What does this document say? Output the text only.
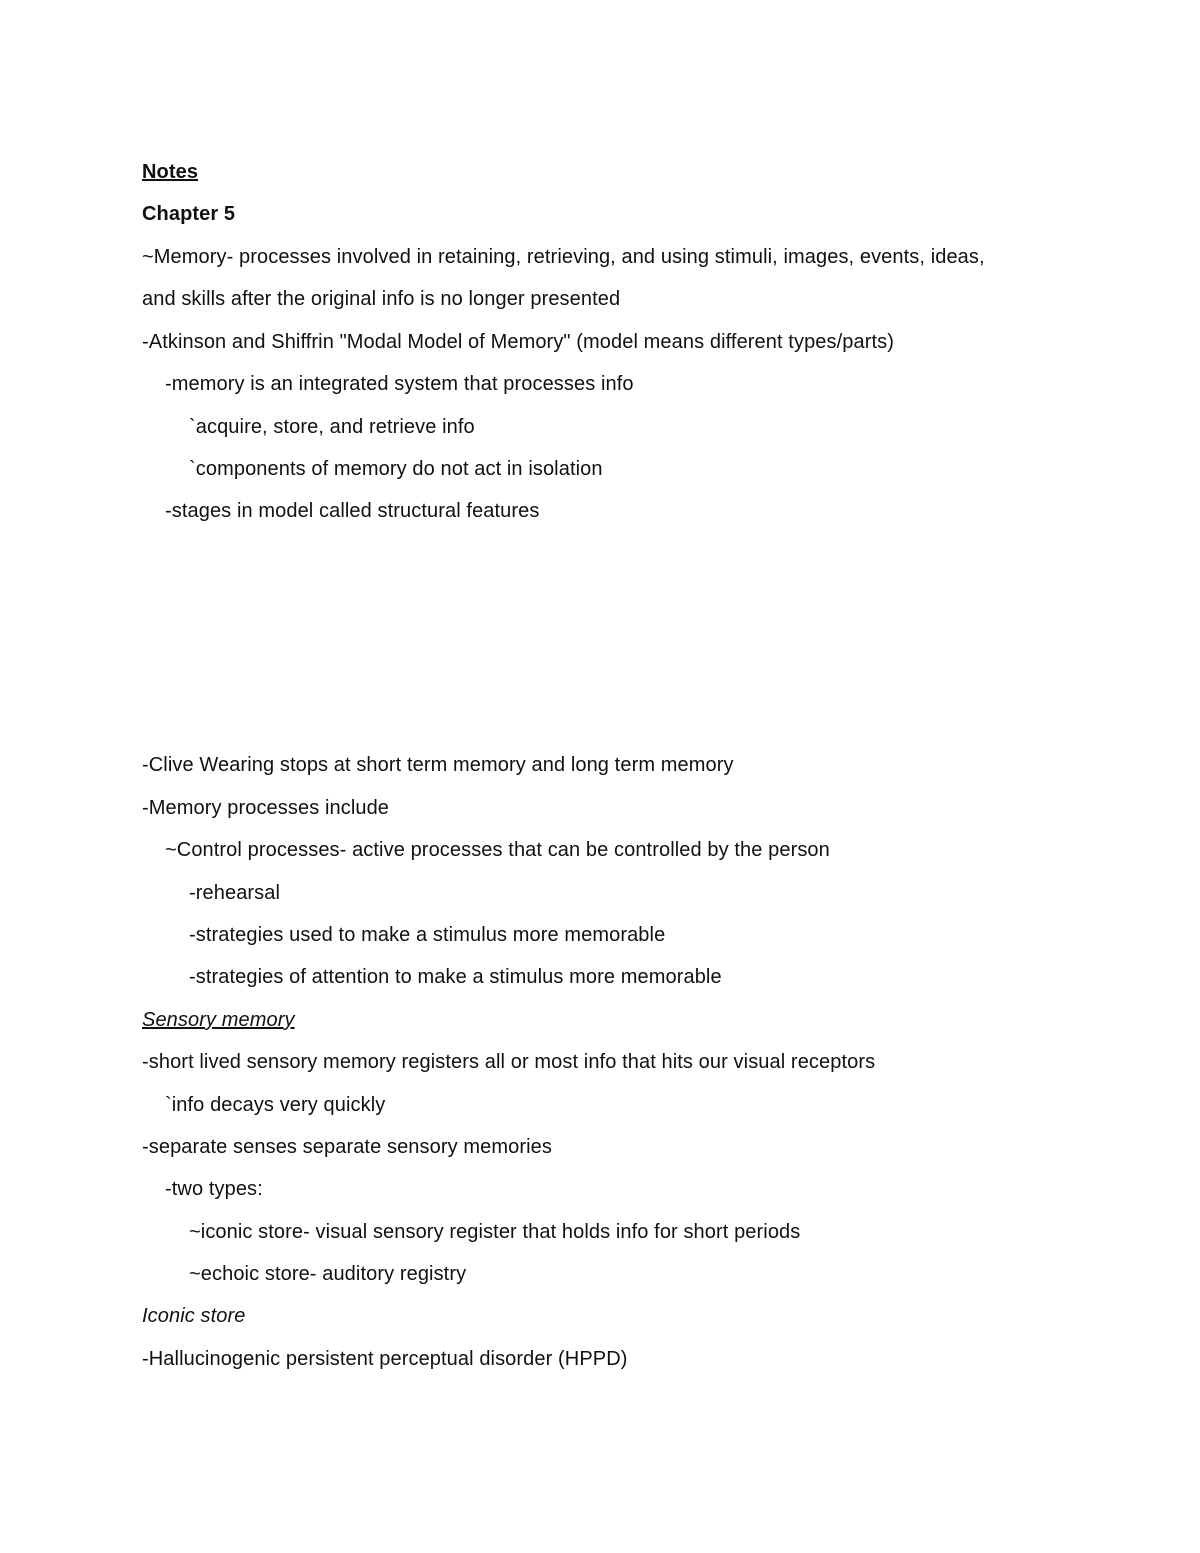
Notes
Chapter 5
~Memory- processes involved in retaining, retrieving, and using stimuli, images, events, ideas,
and skills after the original info is no longer presented
-Atkinson and Shiffrin "Modal Model of Memory" (model means different types/parts)
-memory is an integrated system that processes info
`acquire, store, and retrieve info
`components of memory do not act in isolation
-stages in model called structural features
-Clive Wearing stops at short term memory and long term memory
-Memory processes include
~Control processes- active processes that can be controlled by the person
-rehearsal
-strategies used to make a stimulus more memorable
-strategies of attention to make a stimulus more memorable
Sensory memory
-short lived sensory memory registers all or most info that hits our visual receptors
`info decays very quickly
-separate senses separate sensory memories
-two types:
~iconic store- visual sensory register that holds info for short periods
~echoic store- auditory registry
Iconic store
-Hallucinogenic persistent perceptual disorder (HPPD)
